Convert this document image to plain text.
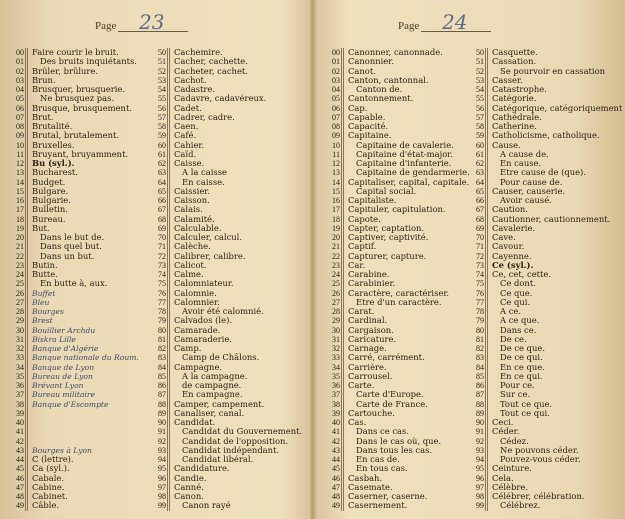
Page 23
00 Faire courir le bruit.
01 Des bruits inquiétants.
02 Brûler, brûlure.
03 Brun.
04 Brusquer, brusquerie.
05 Ne brusquez pas.
06 Brusque, brusquement.
07 Brut.
08 Brutalité.
09 Brutal, brutalement.
10 Bruxelles.
11 Bruyant, bruyamment.
12 Bu (syl.).
13 Bucharest.
14 Budget.
15 Bulgare.
16 Bulgarie.
17 Bulletin.
18 Bureau.
19 But.
20 Dans le but de.
21 Dans quel but.
22 Dans un but.
23 Butin.
24 Butte.
25 En butte à, aux.
26 Buffet
27 Bleu
28 Bourges
29 Brest
30 Bouillier Archdu
31 Biskra Lille
32 Banque d'Algérie
33 Banque nationale du Roum.
34 Banque de Lyon
35 Bureau de Lyon
36 Brévant Lyon
37 Bureau militaire
38 Banque d'Escompte
39
40
41
42
43 Bourges à Lyon
44 C (lettre).
45 Ca (syl.).
46 Cabale.
47 Cabine.
48 Cabinet.
49 Câble.
50 Cachemire.
51 Cacher, cachette.
52 Cacheter, cachet.
53 Cachot.
54 Cadastre.
55 Cadavre, cadavéreux.
56 Cadet.
57 Cadrer, cadre.
58 Caen.
59 Café.
60 Cahier.
61 Caïd.
62 Caisse.
63 A la caisse
64 En caisse.
65 Caissier.
66 Caisson.
67 Calais.
68 Calamité.
69 Calculable.
70 Calculer, calcul.
71 Calèche.
72 Calibrer, calibre.
73 Calicot.
74 Calme.
75 Calomniateur.
76 Calomnie.
77 Calomnier.
78 Avoir été calomnié.
79 Calvados (le).
80 Camarade.
81 Camaraderie.
82 Camp.
83 Camp de Châlons.
84 Campagne.
85 A la campagne.
86 de campagne.
87 En campagne.
88 Camper, campement.
89 Canaliser, canal.
90 Candidat.
91 Candidat du Gouvernement.
92 Candidat de l'opposition.
93 Candidat indépendant.
94 Candidat libéral.
95 Candidature.
96 Candie.
97 Canné.
98 Canon.
99 Canon rayé
Page 24
00 Canonner, canonnade.
01 Canonnier.
02 Canot.
03 Canton, cantonnal.
04 Canton de.
05 Cantonnement.
06 Cap.
07 Capable.
08 Capacité.
09 Capitaine.
10 Capitaine de cavalerie.
11 Capitaine d'état-major.
12 Capitaine d'infanterie.
13 Capitaine de gendarmerie.
14 Capitaliser, capital, capitale.
15 Capital social.
16 Capitaliste.
17 Capituler, capitulation.
18 Capote.
19 Capter, captation.
20 Captiver, captivité.
21 Captif.
22 Capturer, capture.
23 Car.
24 Carabine.
25 Carabinier.
26 Caractère, caractériser.
27 Etre d'un caractère.
28 Carat.
29 Cardinal.
30 Cargaison.
31 Caricature.
32 Carnage.
33 Carré, carrément.
34 Carrière.
35 Carrousel.
36 Carte.
37 Carte d'Europe.
38 Carte de France.
39 Cartouche.
40 Cas.
41 Dans ce cas.
42 Dans le cas où, que.
43 Dans tous les cas.
44 En cas de.
45 En tous cas.
46 Casbah.
47 Casemate.
48 Caserner, caserne.
49 Casernement.
50 Casquette.
51 Cassation.
52 Se pourvoir en cassation
53 Casser.
54 Catastrophe.
55 Catégorie.
56 Catégorique, catégoriquement
57 Cathédrale.
58 Catherine.
59 Catholicisme, catholique.
60 Cause.
61 A cause de.
62 En cause.
63 Etre cause de (que).
64 Pour cause de.
65 Causer, causerie.
66 Avoir causé.
67 Caution.
68 Cautionner, cautionnement.
69 Cavalerie.
70 Cave.
71 Cavour.
72 Cayenne.
73 Ce (syl.).
74 Ce, cet, cette.
75 Ce dont.
76 Ce que.
77 Ce qui.
78 A ce.
79 A ce que.
80 Dans ce.
81 De ce.
82 De ce que.
83 De ce qui.
84 En ce que.
85 En ce qui.
86 Pour ce.
87 Sur ce.
88 Tout ce que.
89 Tout ce qui.
90 Ceci.
91 Céder.
92 Cédez.
93 Ne pouvons céder.
94 Pouvez-vous céder.
95 Ceinture.
96 Cela.
97 Célèbre.
98 Célébrer, célébration.
99 Célébrez.
